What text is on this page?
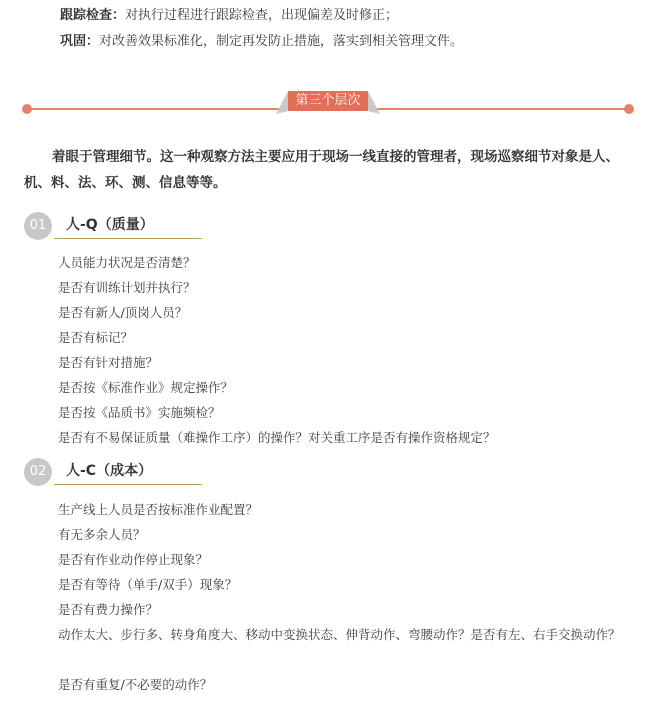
跟踪检查：对执行过程进行跟踪检查，出现偏差及时修正；
巩固：对改善效果标准化，制定再发防止措施，落实到相关管理文件。
第三个层次
着眼于管理细节。这一种观察方法主要应用于现场一线直接的管理者，现场巡察细节对象是人、机、料、法、环、测、信息等等。
01	人-Q（质量）
人员能力状况是否清楚？
是否有训练计划并执行？
是否有新人/顶岗人员？
是否有标记？
是否有针对措施？
是否按《标准作业》规定操作？
是否按《品质书》实施频检？
是否有不易保证质量（难操作工序）的操作？对关重工序是否有操作资格规定？
02	人-C（成本）
生产线上人员是否按标准作业配置？
有无多余人员？
是否有作业动作停止现象？
是否有等待（单手/双手）现象？
是否有费力操作？
动作太大、步行多、转身角度大、移动中变换状态、伸背动作、弯腰动作？是否有左、右手交换动作？
是否有重复/不必要的动作？
